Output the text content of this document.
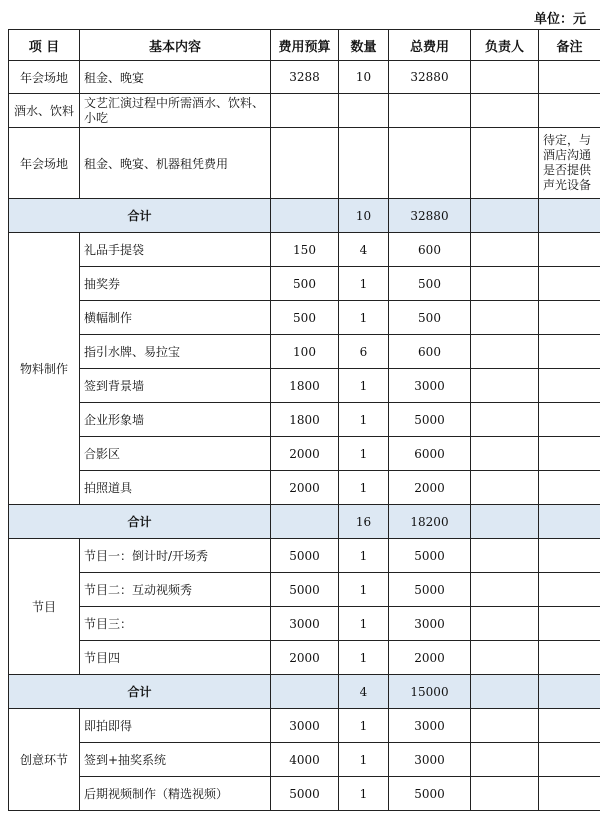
单位：元
项 目	基本内容	费用预算	数量	总费用	负责人	备注
年会场地	租金、晚宴	3288	10	32880		
酒水、饮料	文艺汇演过程中所需酒水、饮料、小吃					
年会场地	租金、晚宴、机器租凭费用					待定，与酒店沟通是否提供声光设备
合计			10	32880		
物料制作	礼品手提袋	150	4	600		
	抽奖券	500	1	500		
	横幅制作	500	1	500		
	指引水牌、易拉宝	100	6	600		
	签到背景墙	1800	1	3000		
	企业形象墙	1800	1	5000		
	合影区	2000	1	6000		
	拍照道具	2000	1	2000		
合计			16	18200		
节目	节目一：倒计时/开场秀	5000	1	5000		
	节目二：互动视频秀	5000	1	5000		
	节目三：	3000	1	3000		
	节目四	2000	1	2000		
合计			4	15000		
创意环节	即拍即得	3000	1	3000		
	签到+抽奖系统	4000	1	3000		
	后期视频制作（精选视频）	5000	1	5000		
